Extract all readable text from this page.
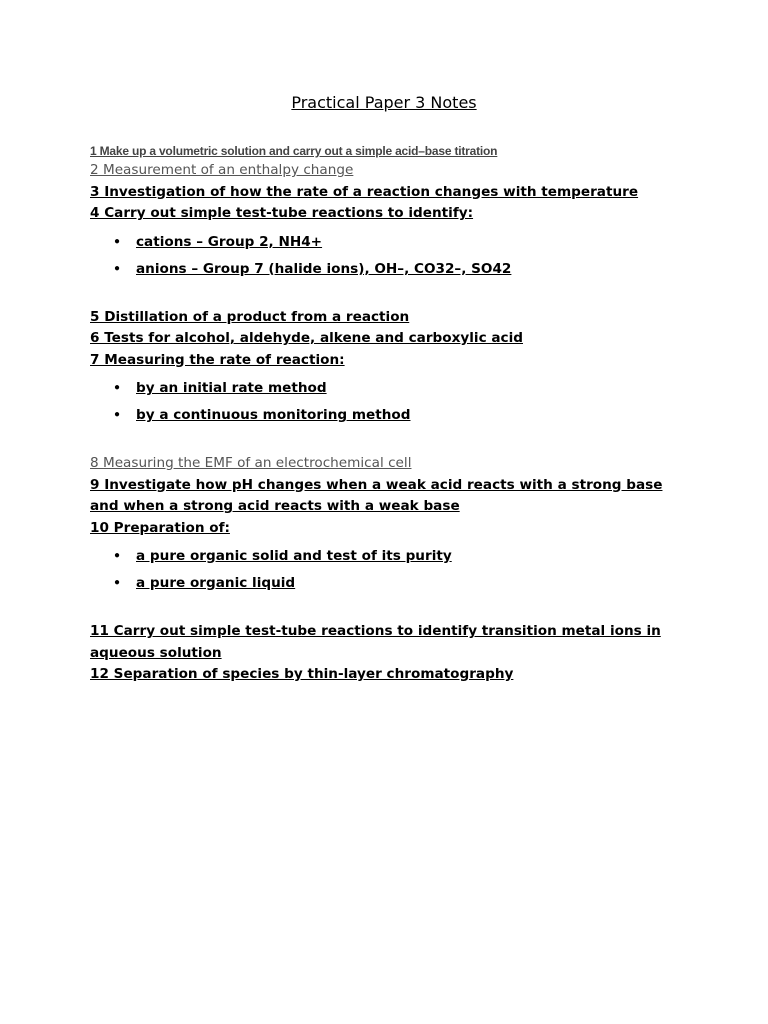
Practical Paper 3 Notes
1 Make up a volumetric solution and carry out a simple acid–base titration
2 Measurement of an enthalpy change
3 Investigation of how the rate of a reaction changes with temperature
4 Carry out simple test-tube reactions to identify:
● cations – Group 2, NH4+
● anions – Group 7 (halide ions), OH–, CO32–, SO42
5 Distillation of a product from a reaction
6 Tests for alcohol, aldehyde, alkene and carboxylic acid
7 Measuring the rate of reaction:
● by an initial rate method
● by a continuous monitoring method
8 Measuring the EMF of an electrochemical cell
9 Investigate how pH changes when a weak acid reacts with a strong base and when a strong acid reacts with a weak base
10 Preparation of:
● a pure organic solid and test of its purity
● a pure organic liquid
11 Carry out simple test-tube reactions to identify transition metal ions in aqueous solution
12 Separation of species by thin-layer chromatography
